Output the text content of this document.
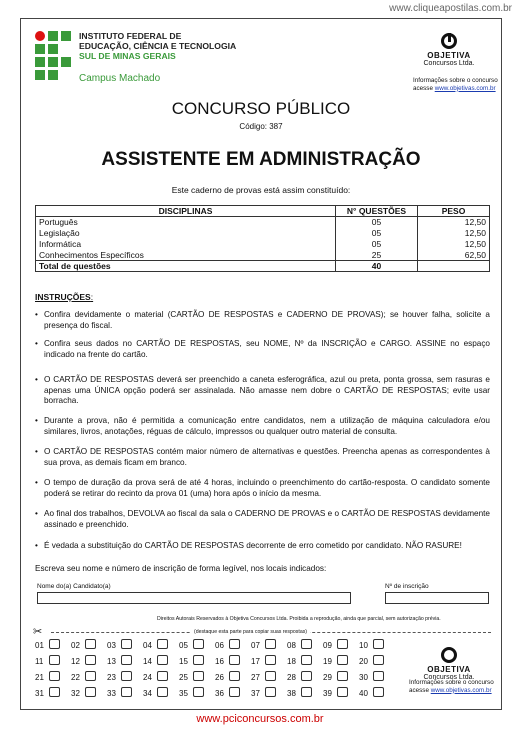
www.cliqueapostilas.com.br
INSTITUTO FEDERAL DE
EDUCAÇÃO, CIÊNCIA E TECNOLOGIA
SUL DE MINAS GERAIS
Campus Machado
OBJETIVA
Concursos Ltda.
Informações sobre o concurso
acesse www.objetivas.com.br
CONCURSO PÚBLICO
Código: 387
ASSISTENTE EM ADMINISTRAÇÃO
Este caderno de provas está assim constituído:
DISCIPLINAS	N° QUESTÕES	PESO
Português	05	12,50
Legislação	05	12,50
Informática	05	12,50
Conhecimentos Específicos	25	62,50
Total de questões	40	
INSTRUÇÕES:
• Confira devidamente o material (CARTÃO DE RESPOSTAS e CADERNO DE PROVAS); se houver falha, solicite a presença do fiscal.
• Confira seus dados no CARTÃO DE RESPOSTAS, seu NOME, Nº da INSCRIÇÃO e CARGO. ASSINE no espaço indicado na frente do cartão.
• O CARTÃO DE RESPOSTAS deverá ser preenchido a caneta esferográfica, azul ou preta, ponta grossa, sem rasuras e apenas uma ÚNICA opção poderá ser assinalada. Não amasse nem dobre o CARTÃO DE RESPOSTAS; evite usar borracha.
• Durante a prova, não é permitida a comunicação entre candidatos, nem a utilização de máquina calculadora e/ou similares, livros, anotações, réguas de cálculo, impressos ou qualquer outro material de consulta.
• O CARTÃO DE RESPOSTAS contém maior número de alternativas e questões. Preencha apenas as correspondentes à sua prova, as demais ficam em branco.
• O tempo de duração da prova será de até 4 horas, incluindo o preenchimento do cartão-resposta. O candidato somente poderá se retirar do recinto da prova 01 (uma) hora após o início da mesma.
• Ao final dos trabalhos, DEVOLVA ao fiscal da sala o CADERNO DE PROVAS e o CARTÃO DE RESPOSTAS devidamente assinado e preenchido.
• É vedada a substituição do CARTÃO DE RESPOSTAS decorrente de erro cometido por candidato. NÃO RASURE!
Escreva seu nome e número de inscrição de forma legível, nos locais indicados:
Nome do(a) Candidato(a)	Nº de inscrição
Direitos Autorais Reservados à Objetiva Concursos Ltda. Proibida a reprodução, ainda que parcial, sem autorização prévia.
✂	(destaque esta parte para copiar suas respostas)
01	02	03	04	05	06	07	08	09	10
11	12	13	14	15	16	17	18	19	20
21	22	23	24	25	26	27	28	29	30
31	32	33	34	35	36	37	38	39	40
OBJETIVA
Concursos Ltda.
Informações sobre o concurso
acesse www.objetivas.com.br
www.pciconcursos.com.br
